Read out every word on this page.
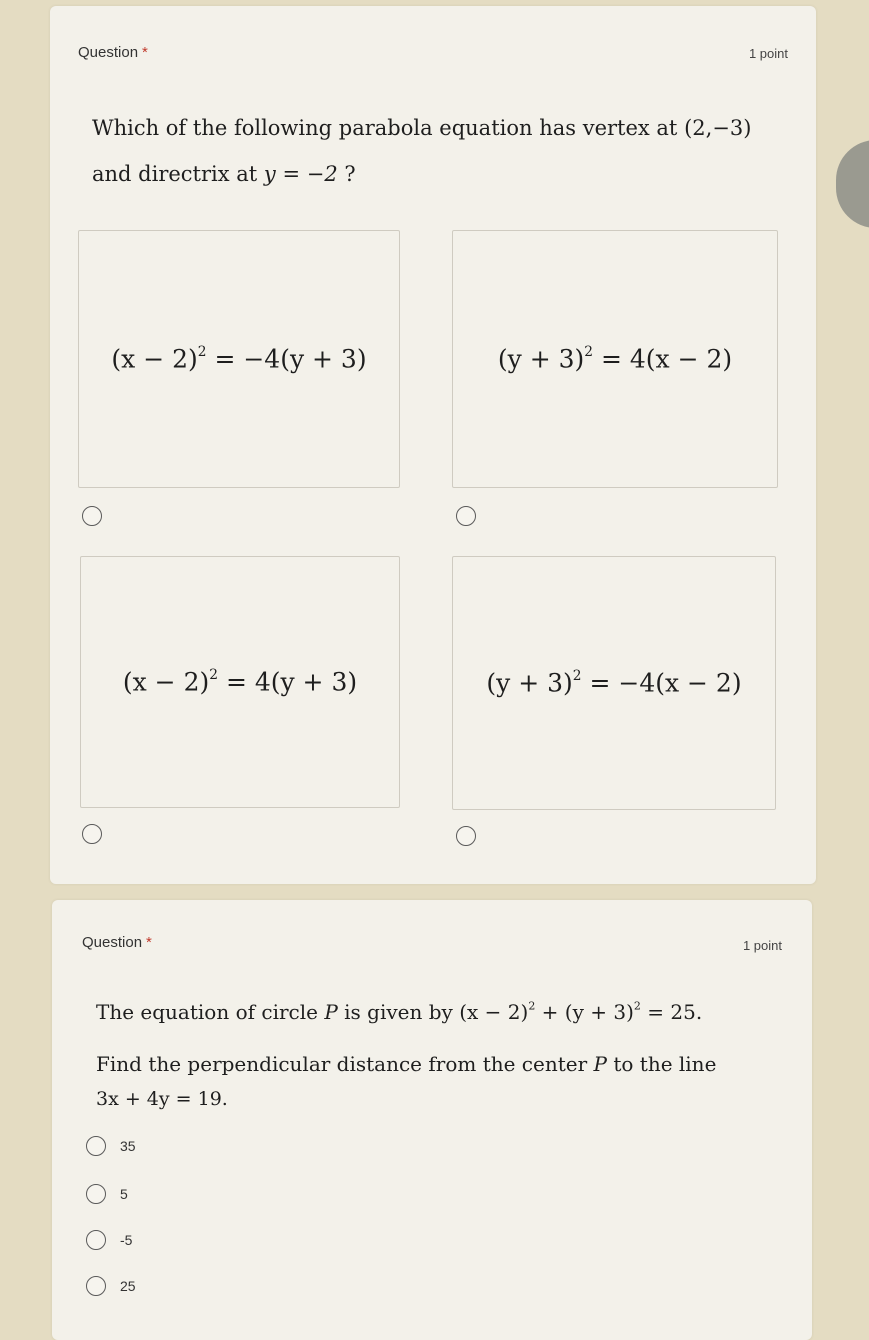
Question *	1 point
Which of the following parabola equation has vertex at (2,−3)
and directrix at y = −2 ?
$(x - 2)^2 = -4(y + 3)$	$(y + 3)^2 = 4(x - 2)$
$(x - 2)^2 = 4(y + 3)$	$(y + 3)^2 = -4(x - 2)$
Question *	1 point
The equation of circle P is given by $(x - 2)^2 + (y + 3)^2 = 25$.
Find the perpendicular distance from the center P to the line
3x + 4y = 19.
35
5
-5
25
